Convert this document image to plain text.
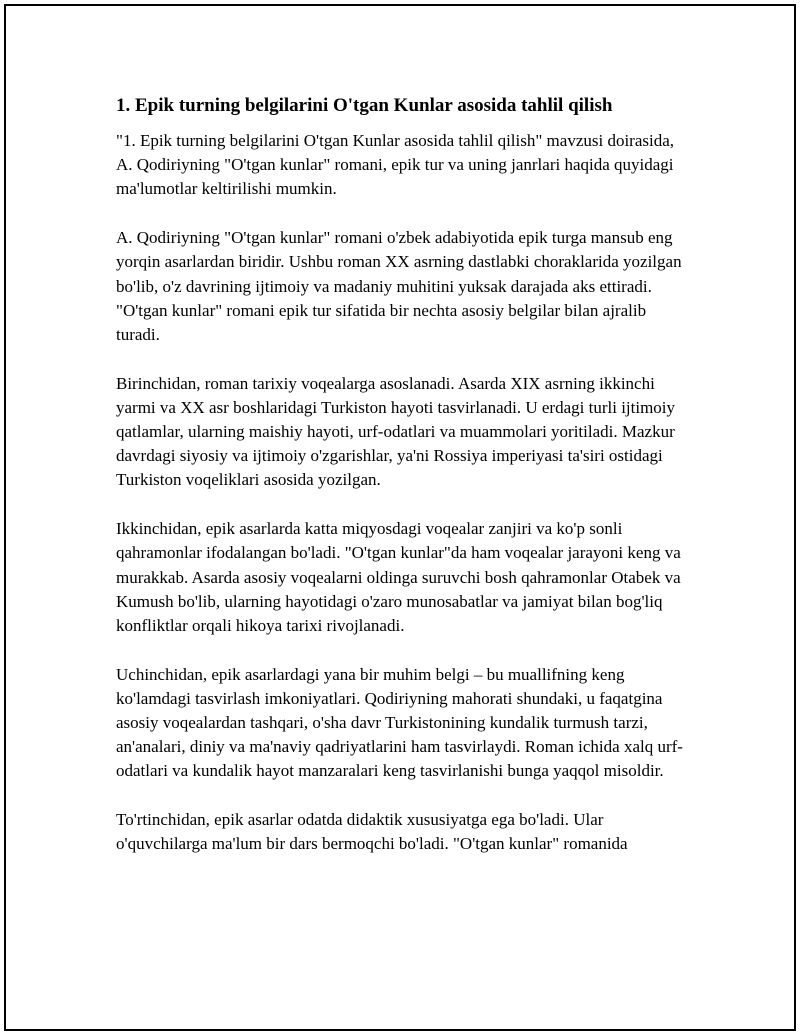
1. Epik turning belgilarini O'tgan Kunlar asosida tahlil qilish

"1. Epik turning belgilarini O'tgan Kunlar asosida tahlil qilish" mavzusi doirasida, A. Qodiriyning "O'tgan kunlar" romani, epik tur va uning janrlari haqida quyidagi ma'lumotlar keltirilishi mumkin.

A. Qodiriyning "O'tgan kunlar" romani o'zbek adabiyotida epik turga mansub eng yorqin asarlardan biridir. Ushbu roman XX asrning dastlabki choraklarida yozilgan bo'lib, o'z davrining ijtimoiy va madaniy muhitini yuksak darajada aks ettiradi. "O'tgan kunlar" romani epik tur sifatida bir nechta asosiy belgilar bilan ajralib turadi.

Birinchidan, roman tarixiy voqealarga asoslanadi. Asarda XIX asrning ikkinchi yarmi va XX asr boshlaridagi Turkiston hayoti tasvirlanadi. U erdagi turli ijtimoiy qatlamlar, ularning maishiy hayoti, urf-odatlari va muammolari yoritiladi. Mazkur davrdagi siyosiy va ijtimoiy o'zgarishlar, ya'ni Rossiya imperiyasi ta'siri ostidagi Turkiston voqeliklari asosida yozilgan.

Ikkinchidan, epik asarlarda katta miqyosdagi voqealar zanjiri va ko'p sonli qahramonlar ifodalangan bo'ladi. "O'tgan kunlar"da ham voqealar jarayoni keng va murakkab. Asarda asosiy voqealarni oldinga suruvchi bosh qahramonlar Otabek va Kumush bo'lib, ularning hayotidagi o'zaro munosabatlar va jamiyat bilan bog'liq konfliktlar orqali hikoya tarixi rivojlanadi.

Uchinchidan, epik asarlardagi yana bir muhim belgi – bu muallifning keng ko'lamdagi tasvirlash imkoniyatlari. Qodiriyning mahorati shundaki, u faqatgina asosiy voqealardan tashqari, o'sha davr Turkistonining kundalik turmush tarzi, an'analari, diniy va ma'naviy qadriyatlarini ham tasvirlaydi. Roman ichida xalq urf-odatlari va kundalik hayot manzaralari keng tasvirlanishi bunga yaqqol misoldir.

To'rtinchidan, epik asarlar odatda didaktik xususiyatga ega bo'ladi. Ular o'quvchilarga ma'lum bir dars bermoqchi bo'ladi. "O'tgan kunlar" romanida
